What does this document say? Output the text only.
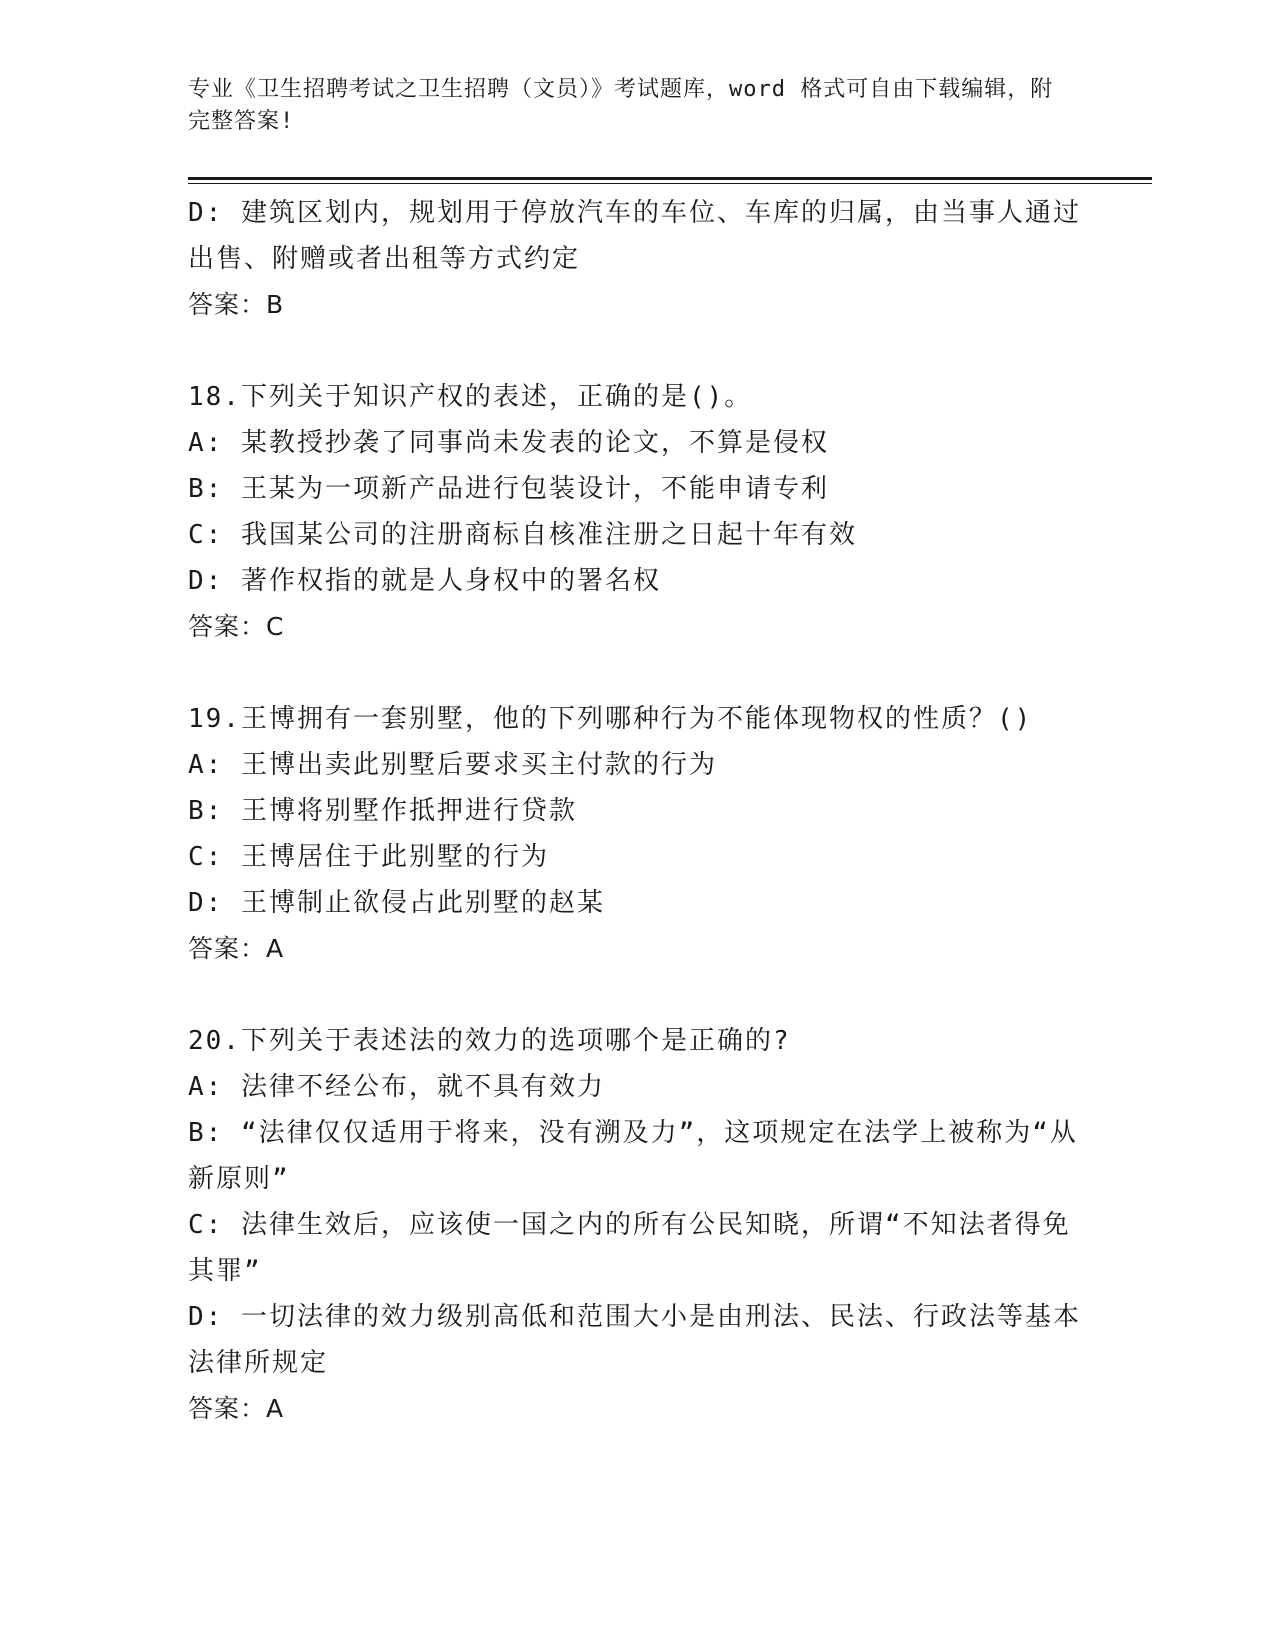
专业《卫生招聘考试之卫生招聘（文员）》考试题库，word 格式可自由下载编辑，附完整答案!

D: 建筑区划内，规划用于停放汽车的车位、车库的归属，由当事人通过出售、附赠或者出租等方式约定

答案：B

18.下列关于知识产权的表述，正确的是()。

A: 某教授抄袭了同事尚未发表的论文，不算是侵权

B: 王某为一项新产品进行包装设计，不能申请专利

C: 我国某公司的注册商标自核准注册之日起十年有效

D: 著作权指的就是人身权中的署名权

答案：C

19.王博拥有一套别墅，他的下列哪种行为不能体现物权的性质？()

A: 王博出卖此别墅后要求买主付款的行为

B: 王博将别墅作抵押进行贷款

C: 王博居住于此别墅的行为

D: 王博制止欲侵占此别墅的赵某

答案：A

20.下列关于表述法的效力的选项哪个是正确的?

A: 法律不经公布，就不具有效力

B: “法律仅仅适用于将来，没有溯及力”，这项规定在法学上被称为“从新原则”

C: 法律生效后，应该使一国之内的所有公民知晓，所谓“不知法者得免其罪”

D: 一切法律的效力级别高低和范围大小是由刑法、民法、行政法等基本法律所规定

答案：A
